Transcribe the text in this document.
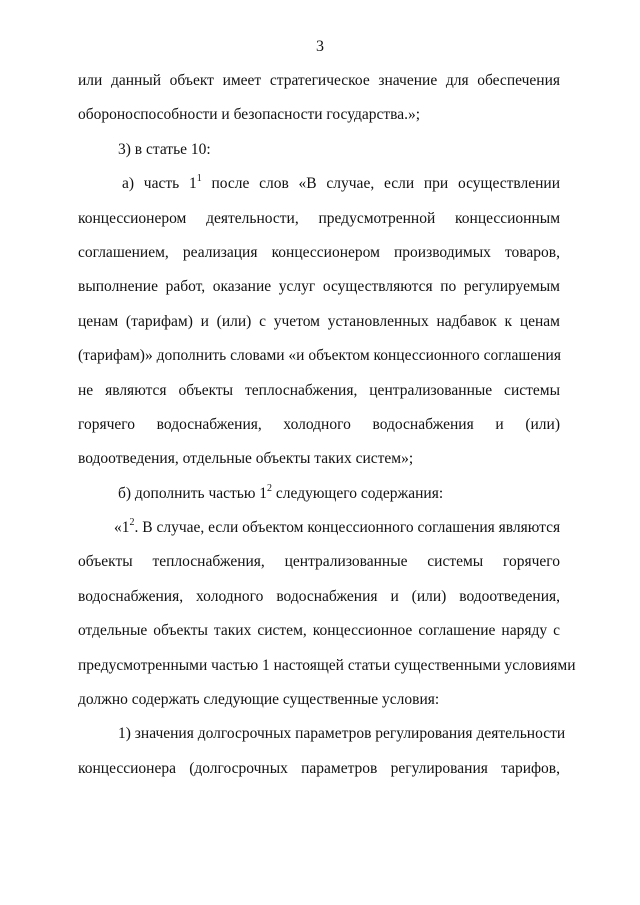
3
или данный объект имеет стратегическое значение для обеспечения
обороноспособности и безопасности государства.»;
3) в статье 10:
а) часть $1^1$ после слов «В случае, если при осуществлении
концессионером деятельности, предусмотренной концессионным
соглашением, реализация концессионером производимых товаров,
выполнение работ, оказание услуг осуществляются по регулируемым
ценам (тарифам) и (или) с учетом установленных надбавок к ценам
(тарифам)» дополнить словами «и объектом концессионного соглашения
не являются объекты теплоснабжения, централизованные системы
горячего водоснабжения, холодного водоснабжения и (или)
водоотведения, отдельные объекты таких систем»;
б) дополнить частью $1^2$ следующего содержания:
«$1^2$. В случае, если объектом концессионного соглашения являются
объекты теплоснабжения, централизованные системы горячего
водоснабжения, холодного водоснабжения и (или) водоотведения,
отдельные объекты таких систем, концессионное соглашение наряду с
предусмотренными частью 1 настоящей статьи существенными условиями
должно содержать следующие существенные условия:
1) значения долгосрочных параметров регулирования деятельности
концессионера (долгосрочных параметров регулирования тарифов,
